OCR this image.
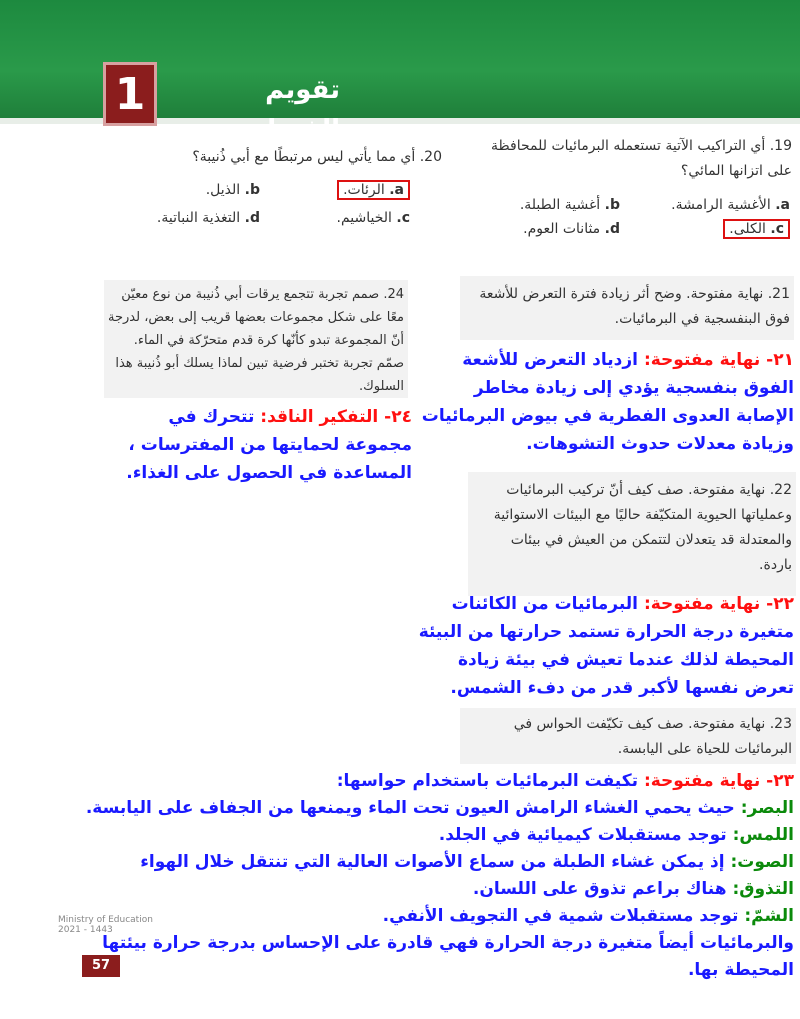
1	تقويم الفصل
19. أي التراكيب الآتية تستعمله البرمائيات للمحافظة على اتزانها المائي؟
a. الأغشية الرامشة.
b. أغشية الطبلة.
c. الكلى.
d. مثانات العوم.
20. أي مما يأتي ليس مرتبطًا مع أبي ذُنيبة؟
a. الرئات.
b. الذيل.
c. الخياشيم.
d. التغذية النباتية.
21. نهاية مفتوحة. وضح أثر زيادة فترة التعرض للأشعة فوق البنفسجية في البرمائيات.
٢١- نهاية مفتوحة: ازدياد التعرض للأشعة الفوق بنفسجية يؤدي إلى زيادة مخاطر الإصابة العدوى الفطرية في بيوض البرمائيات وزيادة معدلات حدوث التشوهات.
24. صمم تجربة تتجمع يرقات أبي ذُنيبة من نوع معيّن معًا على شكل مجموعات بعضها قريب إلى بعض، لدرجة أنّ المجموعة تبدو كأنّها كرة قدم متحرّكة في الماء. صمّم تجربة تختبر فرضية تبين لماذا يسلك أبو ذُنيبة هذا السلوك.
٢٤- التفكير الناقد: تتحرك في مجموعة لحمايتها من المفترسات ، المساعدة في الحصول على الغذاء.
22. نهاية مفتوحة. صف كيف أنّ تركيب البرمائيات وعملياتها الحيوية المتكيّفة حاليًا مع البيئات الاستوائية والمعتدلة قد يتعدلان لتتمكن من العيش في بيئات باردة.
٢٢- نهاية مفتوحة: البرمائيات من الكائنات متغيرة درجة الحرارة تستمد حرارتها من البيئة المحيطة لذلك عندما تعيش في بيئة زيادة تعرض نفسها لأكبر قدر من دفء الشمس.
23. نهاية مفتوحة. صف كيف تكيّفت الحواس في البرمائيات للحياة على اليابسة.
٢٣- نهاية مفتوحة: تكيفت البرمائيات باستخدام حواسها:
البصر: حيث يحمي الغشاء الرامش العيون تحت الماء ويمنعها من الجفاف على اليابسة.
اللمس: توجد مستقبلات كيميائية في الجلد.
الصوت: إذ يمكن غشاء الطبلة من سماع الأصوات العالية التي تنتقل خلال الهواء
التذوق: هناك براعم تذوق على اللسان.
الشمّ: توجد مستقبلات شمية في التجويف الأنفي.
والبرمائيات أيضاً متغيرة درجة الحرارة فهي قادرة على الإحساس بدرجة حرارة بيئتها المحيطة بها.
Ministry of Education
2021 - 1443
57
